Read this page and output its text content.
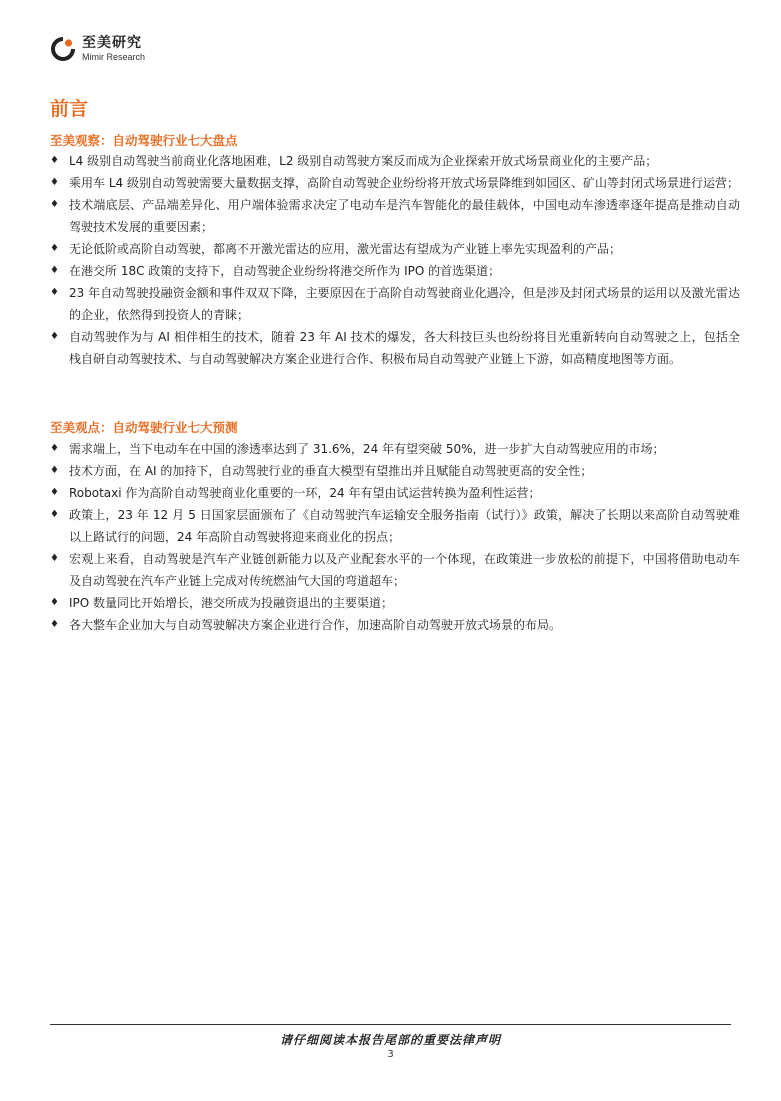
至美研究
Mimir Research
前言
至美观察：自动驾驶行业七大盘点
♦ L4 级别自动驾驶当前商业化落地困难，L2 级别自动驾驶方案反而成为企业探索开放式场景商业化的主要产品；
♦ 乘用车 L4 级别自动驾驶需要大量数据支撑，高阶自动驾驶企业纷纷将开放式场景降维到如园区、矿山等封闭式场景进行运营；
♦ 技术端底层、产品端差异化、用户端体验需求决定了电动车是汽车智能化的最佳载体，中国电动车渗透率逐年提高是推动自动驾驶技术发展的重要因素；
♦ 无论低阶或高阶自动驾驶，都离不开激光雷达的应用，激光雷达有望成为产业链上率先实现盈利的产品；
♦ 在港交所 18C 政策的支持下，自动驾驶企业纷纷将港交所作为 IPO 的首选渠道；
♦ 23 年自动驾驶投融资金额和事件双双下降，主要原因在于高阶自动驾驶商业化遇冷，但是涉及封闭式场景的运用以及激光雷达的企业，依然得到投资人的青睐；
♦ 自动驾驶作为与 AI 相伴相生的技术，随着 23 年 AI 技术的爆发，各大科技巨头也纷纷将目光重新转向自动驾驶之上，包括全栈自研自动驾驶技术、与自动驾驶解决方案企业进行合作、积极布局自动驾驶产业链上下游，如高精度地图等方面。
至美观点：自动驾驶行业七大预测
♦ 需求端上，当下电动车在中国的渗透率达到了 31.6%，24 年有望突破 50%，进一步扩大自动驾驶应用的市场；
♦ 技术方面，在 AI 的加持下，自动驾驶行业的垂直大模型有望推出并且赋能自动驾驶更高的安全性；
♦ Robotaxi 作为高阶自动驾驶商业化重要的一环，24 年有望由试运营转换为盈利性运营；
♦ 政策上，23 年 12 月 5 日国家层面颁布了《自动驾驶汽车运输安全服务指南（试行）》政策，解决了长期以来高阶自动驾驶难以上路试行的问题，24 年高阶自动驾驶将迎来商业化的拐点；
♦ 宏观上来看，自动驾驶是汽车产业链创新能力以及产业配套水平的一个体现，在政策进一步放松的前提下，中国将借助电动车及自动驾驶在汽车产业链上完成对传统燃油气大国的弯道超车；
♦ IPO 数量同比开始增长，港交所成为投融资退出的主要渠道；
♦ 各大整车企业加大与自动驾驶解决方案企业进行合作，加速高阶自动驾驶开放式场景的布局。
请仔细阅读本报告尾部的重要法律声明
3
